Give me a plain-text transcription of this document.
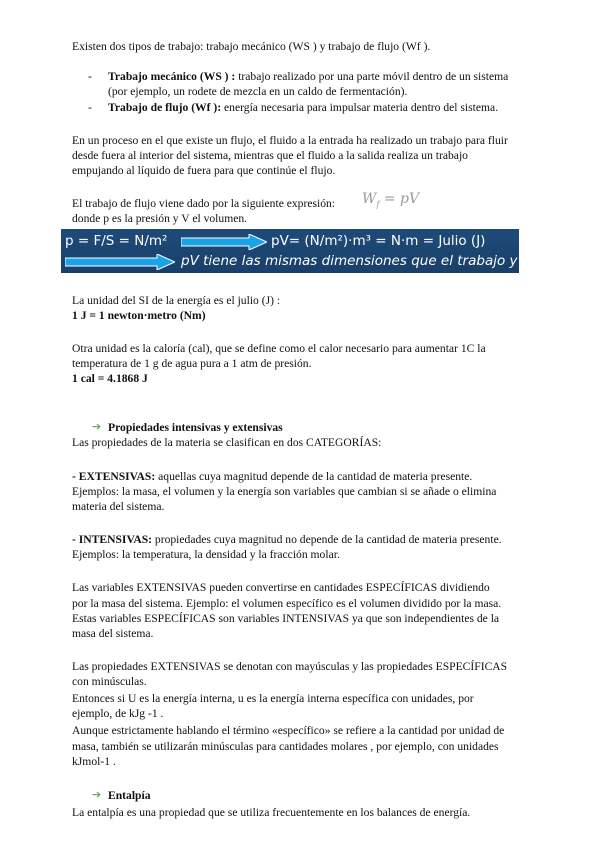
Existen dos tipos de trabajo: trabajo mecánico (WS ) y trabajo de flujo (Wf ).
- Trabajo mecánico (WS ) : trabajo realizado por una parte móvil dentro de un sistema
(por ejemplo, un rodete de mezcla en un caldo de fermentación).
- Trabajo de flujo (Wf ): energía necesaria para impulsar materia dentro del sistema.
En un proceso en el que existe un flujo, el fluido a la entrada ha realizado un trabajo para fluir
desde fuera al interior del sistema, mientras que el fluido a la salida realiza un trabajo
empujando al líquido de fuera para que continúe el flujo.
El trabajo de flujo viene dado por la siguiente expresión:
donde p es la presión y V el volumen.
$W_f$ = pV
p = F/S = N/m²	pV= (N/m²)·m³ = N·m = Julio (J)
pV tiene las mismas dimensiones que el trabajo y la energía
La unidad del SI de la energía es el julio (J) :
1 J = 1 newton·metro (Nm)
Otra unidad es la caloría (cal), que se define como el calor necesario para aumentar 1C la
temperatura de 1 g de agua pura a 1 atm de presión.
1 cal = 4.1868 J
➔ Propiedades intensivas y extensivas
Las propiedades de la materia se clasifican en dos CATEGORÍAS:
- EXTENSIVAS: aquellas cuya magnitud depende de la cantidad de materia presente.
Ejemplos: la masa, el volumen y la energía son variables que cambian si se añade o elimina
materia del sistema.
- INTENSIVAS: propiedades cuya magnitud no depende de la cantidad de materia presente.
Ejemplos: la temperatura, la densidad y la fracción molar.
Las variables EXTENSIVAS pueden convertirse en cantidades ESPECÍFICAS dividiendo
por la masa del sistema. Ejemplo: el volumen específico es el volumen dividido por la masa.
Estas variables ESPECÍFICAS son variables INTENSIVAS ya que son independientes de la
masa del sistema.
Las propiedades EXTENSIVAS se denotan con mayúsculas y las propiedades ESPECÍFICAS
con minúsculas.
Entonces si U es la energía interna, u es la energía interna específica con unidades, por
ejemplo, de kJg -1 .
Aunque estrictamente hablando el término «específico» se refiere a la cantidad por unidad de
masa, también se utilizarán minúsculas para cantidades molares , por ejemplo, con unidades
kJmol-1 .
➔ Entalpía
La entalpía es una propiedad que se utiliza frecuentemente en los balances de energía.
